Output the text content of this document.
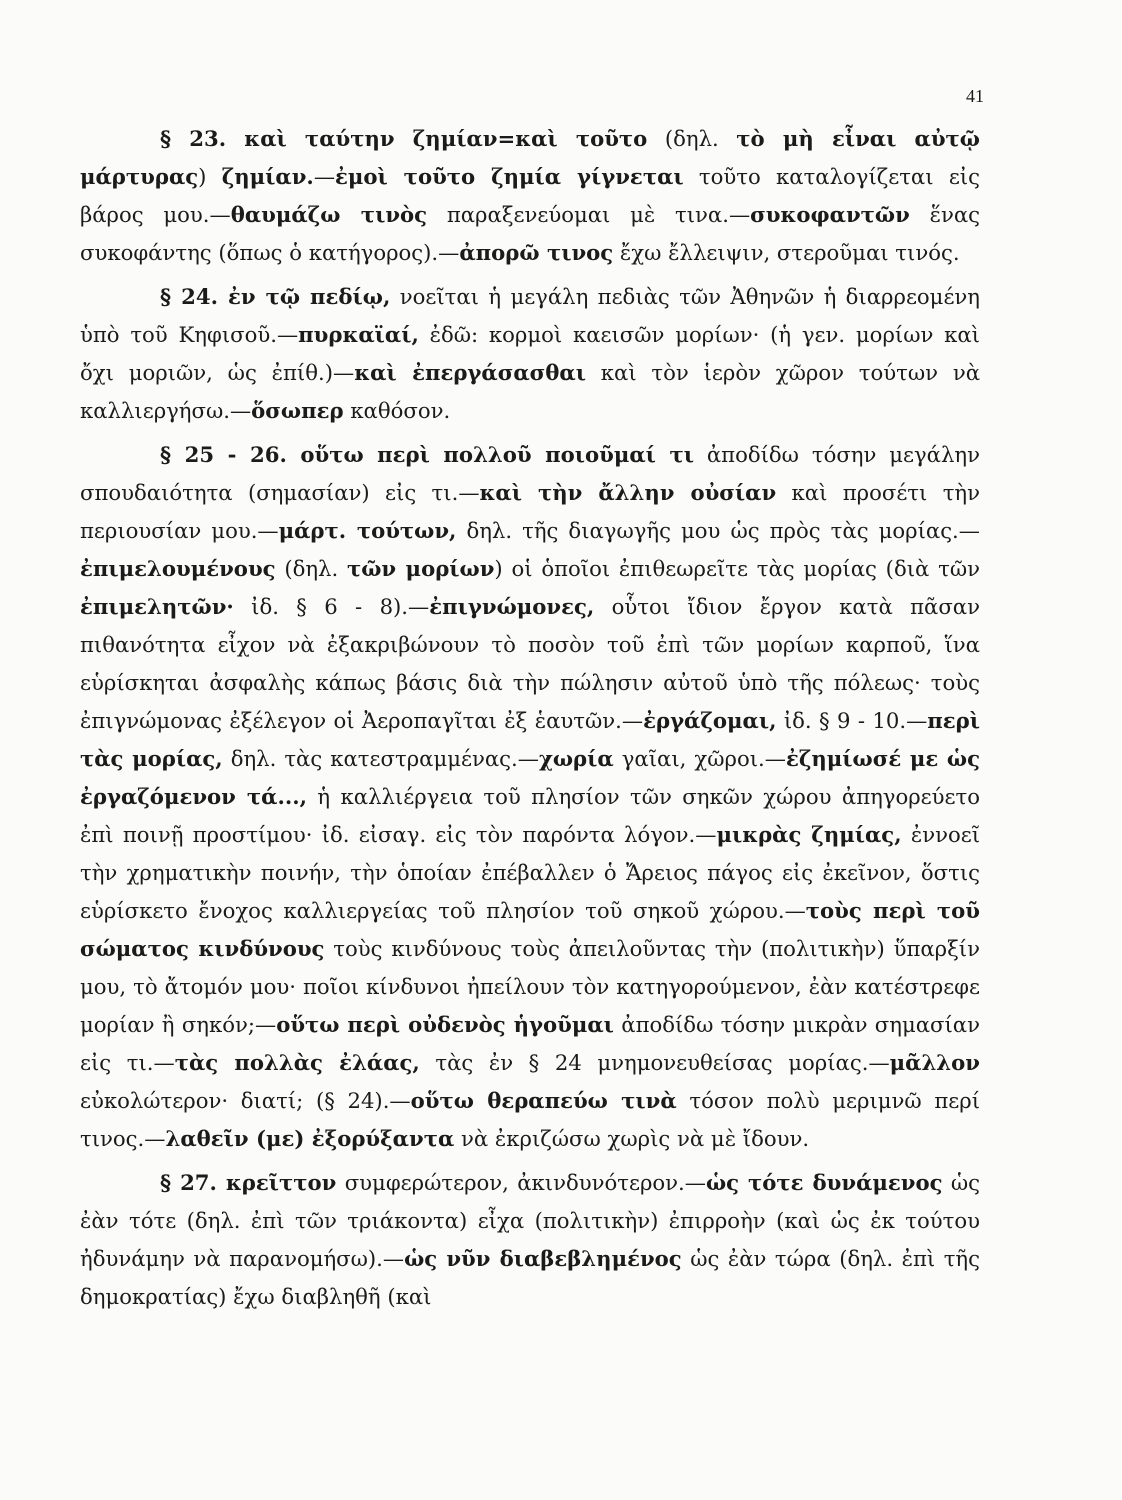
41

§ 23. καὶ ταύτην ζημίαν=καὶ τοῦτο (δηλ. τὸ μὴ εἶναι αὐτῷ μάρτυρας) ζημίαν.—ἐμοὶ τοῦτο ζημία γίγνεται τοῦτο καταλογίζεται εἰς βάρος μου.—θαυμάζω τινὸς παραξενεύομαι μὲ τινα.—συκοφαντῶν ἕνας συκοφάντης (ὅπως ὁ κατήγορος).—ἀπορῶ τινος ἔχω ἔλλειψιν, στεροῦμαι τινός.

§ 24. ἐν τῷ πεδίῳ, νοεῖται ἡ μεγάλη πεδιὰς τῶν Ἀθηνῶν ἡ διαρρεομένη ὑπὸ τοῦ Κηφισοῦ.—πυρκαϊαί, ἐδῶ: κορμοὶ καεισῶν μορίων· (ἡ γεν. μορίων καὶ ὄχι μοριῶν, ὡς ἐπίθ.)—καὶ ἐπεργάσασθαι καὶ τὸν ἱερὸν χῶρον τούτων νὰ καλλιεργήσω.—ὅσωπερ καθόσον.

§ 25 - 26. οὕτω περὶ πολλοῦ ποιοῦμαί τι ἀποδίδω τόσην μεγάλην σπουδαιότητα (σημασίαν) εἰς τι.—καὶ τὴν ἄλλην οὐσίαν καὶ προσέτι τὴν περιουσίαν μου.—μάρτ. τούτων, δηλ. τῆς διαγωγῆς μου ὡς πρὸς τὰς μορίας.—ἐπιμελουμένους (δηλ. τῶν μορίων) οἱ ὁποῖοι ἐπιθεωρεῖτε τὰς μορίας (διὰ τῶν ἐπιμελητῶν· ἰδ. § 6 - 8).—ἐπιγνώμονες, οὗτοι ἴδιον ἔργον κατὰ πᾶσαν πιθανότητα εἶχον νὰ ἐξακριβώνουν τὸ ποσὸν τοῦ ἐπὶ τῶν μορίων καρποῦ, ἵνα εὑρίσκηται ἀσφαλὴς κάπως βάσις διὰ τὴν πώλησιν αὐτοῦ ὑπὸ τῆς πόλεως· τοὺς ἐπιγνώμονας ἐξέλεγον οἱ Ἀεροπαγῖται ἐξ ἑαυτῶν.—ἐργάζομαι, ἰδ. § 9 - 10.—περὶ τὰς μορίας, δηλ. τὰς κατεστραμμένας.—χωρία γαῖαι, χῶροι.—ἐζημίωσέ με ὡς ἐργαζόμενον τά..., ἡ καλλιέργεια τοῦ πλησίον τῶν σηκῶν χώρου ἀπηγορεύετο ἐπὶ ποινῇ προστίμου· ἰδ. εἰσαγ. εἰς τὸν παρόντα λόγον.—μικρὰς ζημίας, ἐννοεῖ τὴν χρηματικὴν ποινήν, τὴν ὁποίαν ἐπέβαλλεν ὁ Ἄρειος πάγος εἰς ἐκεῖνον, ὅστις εὑρίσκετο ἔνοχος καλλιεργείας τοῦ πλησίον τοῦ σηκοῦ χώρου.—τοὺς περὶ τοῦ σώματος κινδύνους τοὺς κινδύνους τοὺς ἀπειλοῦντας τὴν (πολιτικὴν) ὕπαρξίν μου, τὸ ἄτομόν μου· ποῖοι κίνδυνοι ἠπείλουν τὸν κατηγορούμενον, ἐὰν κατέστρεφε μορίαν ἢ σηκόν;—οὕτω περὶ οὐδενὸς ἡγοῦμαι ἀποδίδω τόσην μικρὰν σημασίαν εἰς τι.—τὰς πολλὰς ἐλάας, τὰς ἐν § 24 μνημονευθείσας μορίας.—μᾶλλον εὐκολώτερον· διατί; (§ 24).—οὕτω θεραπεύω τινὰ τόσον πολὺ μεριμνῶ περί τινος.—λαθεῖν (με) ἐξορύξαντα νὰ ἐκριζώσω χωρὶς νὰ μὲ ἴδουν.

§ 27. κρεῖττον συμφερώτερον, ἀκινδυνότερον.—ὡς τότε δυνάμενος ὡς ἐὰν τότε (δηλ. ἐπὶ τῶν τριάκοντα) εἶχα (πολιτικὴν) ἐπιρροὴν (καὶ ὡς ἐκ τούτου ἠδυνάμην νὰ παρανομήσω).—ὡς νῦν διαβεβλημένος ὡς ἐὰν τώρα (δηλ. ἐπὶ τῆς δημοκρατίας) ἔχω διαβληθῆ (καὶ
